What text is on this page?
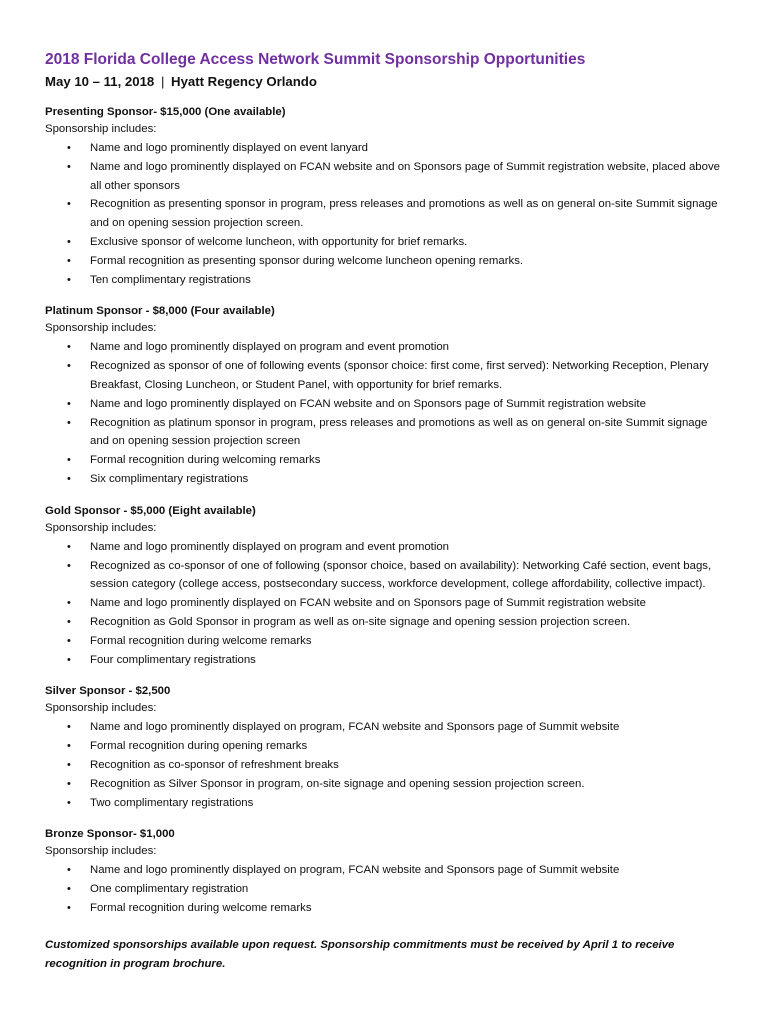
2018 Florida College Access Network Summit Sponsorship Opportunities
May 10 – 11, 2018 | Hyatt Regency Orlando
Presenting Sponsor- $15,000 (One available)
Sponsorship includes:
• Name and logo prominently displayed on event lanyard
• Name and logo prominently displayed on FCAN website and on Sponsors page of Summit registration website, placed above all other sponsors
• Recognition as presenting sponsor in program, press releases and promotions as well as on general on-site Summit signage and on opening session projection screen.
• Exclusive sponsor of welcome luncheon, with opportunity for brief remarks.
• Formal recognition as presenting sponsor during welcome luncheon opening remarks.
• Ten complimentary registrations
Platinum Sponsor - $8,000 (Four available)
Sponsorship includes:
• Name and logo prominently displayed on program and event promotion
• Recognized as sponsor of one of following events (sponsor choice: first come, first served): Networking Reception, Plenary Breakfast, Closing Luncheon, or Student Panel, with opportunity for brief remarks.
• Name and logo prominently displayed on FCAN website and on Sponsors page of Summit registration website
• Recognition as platinum sponsor in program, press releases and promotions as well as on general on-site Summit signage and on opening session projection screen
• Formal recognition during welcoming remarks
• Six complimentary registrations
Gold Sponsor - $5,000 (Eight available)
Sponsorship includes:
• Name and logo prominently displayed on program and event promotion
• Recognized as co-sponsor of one of following (sponsor choice, based on availability): Networking Café section, event bags, session category (college access, postsecondary success, workforce development, college affordability, collective impact).
• Name and logo prominently displayed on FCAN website and on Sponsors page of Summit registration website
• Recognition as Gold Sponsor in program as well as on-site signage and opening session projection screen.
• Formal recognition during welcome remarks
• Four complimentary registrations
Silver Sponsor - $2,500
Sponsorship includes:
• Name and logo prominently displayed on program, FCAN website and Sponsors page of Summit website
• Formal recognition during opening remarks
• Recognition as co-sponsor of refreshment breaks
• Recognition as Silver Sponsor in program, on-site signage and opening session projection screen.
• Two complimentary registrations
Bronze Sponsor- $1,000
Sponsorship includes:
• Name and logo prominently displayed on program, FCAN website and Sponsors page of Summit website
• One complimentary registration
• Formal recognition during welcome remarks
Customized sponsorships available upon request. Sponsorship commitments must be received by April 1 to receive recognition in program brochure.
